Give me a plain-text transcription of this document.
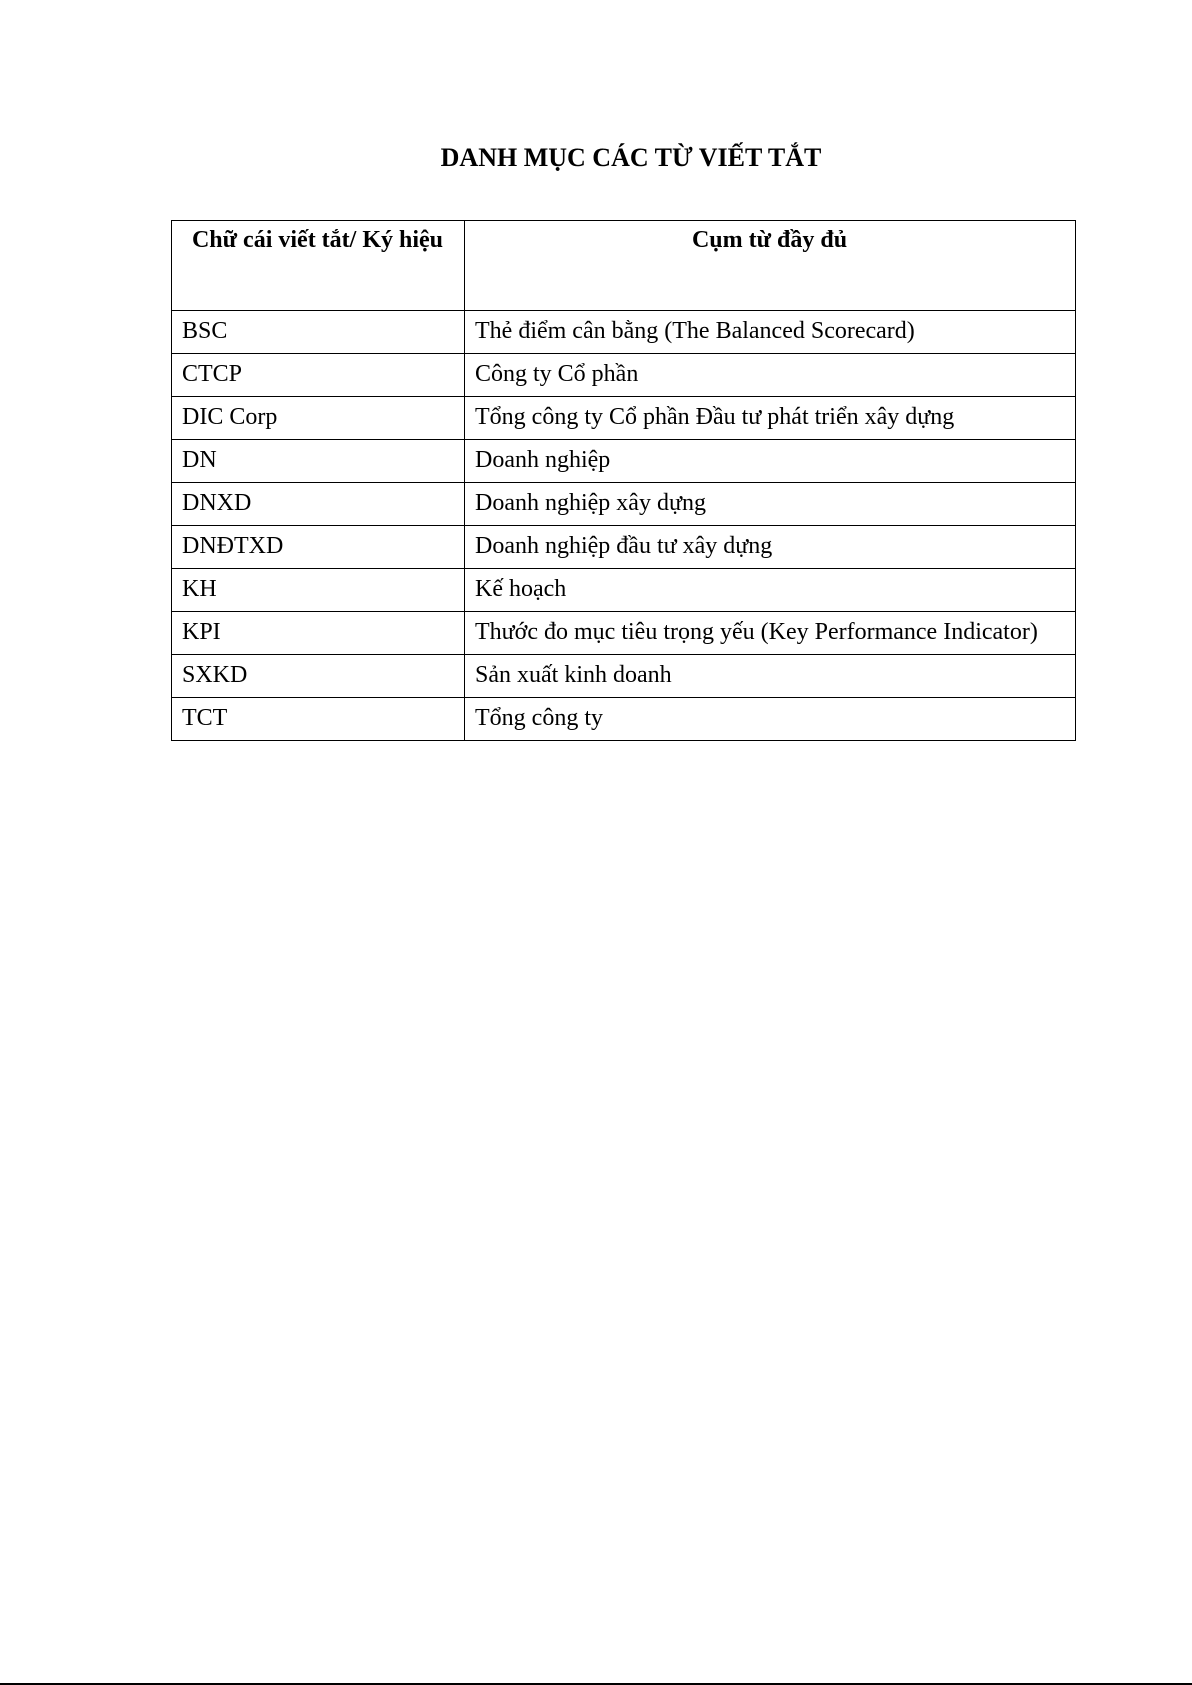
DANH MỤC CÁC TỪ VIẾT TẮT
Chữ cái viết tắt/ Ký hiệu	Cụm từ đầy đủ
BSC	Thẻ điểm cân bằng (The Balanced Scorecard)
CTCP	Công ty Cổ phần
DIC Corp	Tổng công ty Cổ phần Đầu tư phát triển xây dựng
DN	Doanh nghiệp
DNXD	Doanh nghiệp xây dựng
DNĐTXD	Doanh nghiệp đầu tư xây dựng
KH	Kế hoạch
KPI	Thước đo mục tiêu trọng yếu (Key Performance Indicator)
SXKD	Sản xuất kinh doanh
TCT	Tổng công ty
